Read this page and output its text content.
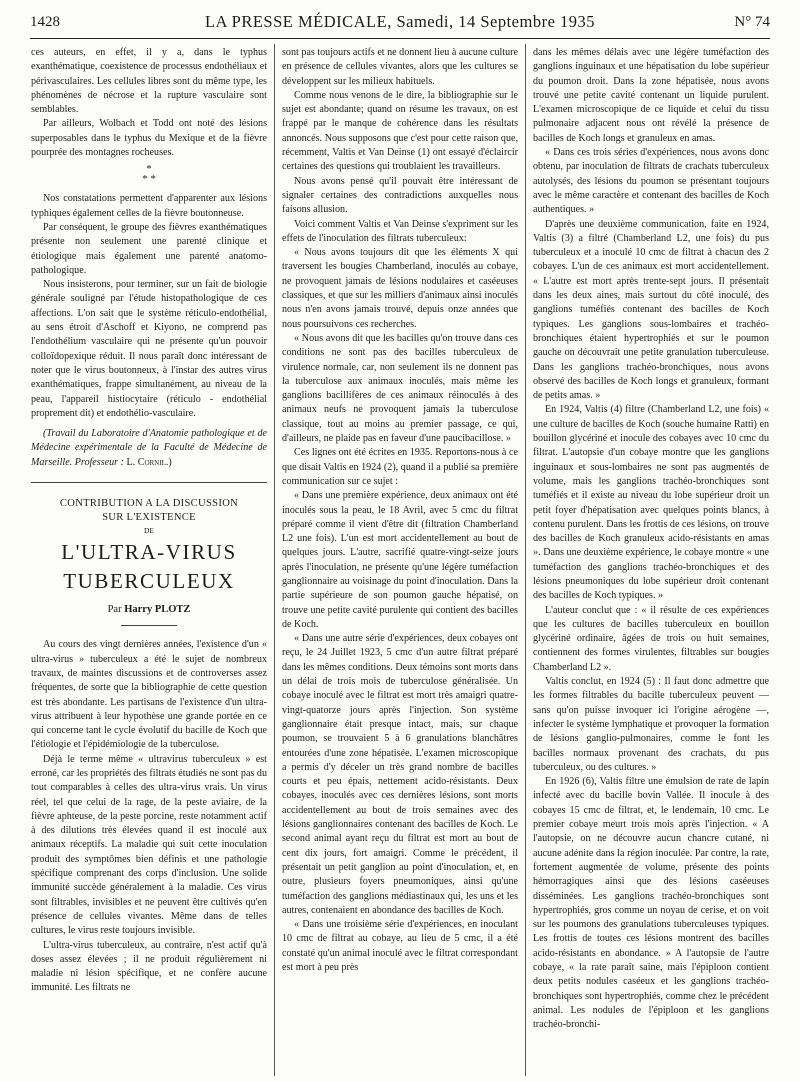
1428	LA PRESSE MÉDICALE, Samedi, 14 Septembre 1935	N° 74

ces auteurs, en effet, il y a, dans le typhus exanthématique, coexistence de processus endothéliaux et périvasculaires. Les cellules libres sont du même type, les phénomènes de nécrose et la rupture vasculaire sont semblables.

Par ailleurs, Wolbach et Todd ont noté des lésions superposables dans le typhus du Mexique et de la fièvre pourprée des montagnes rocheuses.

*
* *

Nos constatations permettent d'apparenter aux lésions typhiques également celles de la fièvre boutonneuse.

Par conséquent, le groupe des fièvres exanthématiques présente non seulement une parenté clinique et étiologique mais également une parenté anatomo-pathologique.

Nous insisterons, pour terminer, sur un fait de biologie générale souligné par l'étude histopathologique de ces affections. L'on sait que le système réticulo-endothélial, au sens étroit d'Aschoff et Kiyono, ne comprend pas l'endothélium vasculaire qui ne présente qu'un pouvoir colloïdopexique réduit. Il nous paraît donc intéressant de noter que le virus boutonneux, à l'instar des autres virus exanthématiques, frappe simultanément, au niveau de la peau, l'appareil histiocytaire (réticulo - endothélial proprement dit) et endothélio-vasculaire.

(Travail du Laboratoire d'Anatomie pathologique et de Médecine expérimentale de la Faculté de Médecine de Marseille. Professeur : L. Cornil.)

CONTRIBUTION A LA DISCUSSION
SUR L'EXISTENCE
DE
L'ULTRA-VIRUS
TUBERCULEUX
Par Harry PLOTZ

Au cours des vingt dernières années, l'existence d'un « ultra-virus » tuberculeux a été le sujet de nombreux travaux, de maintes discussions et de controverses assez fréquentes, de sorte que la bibliographie de cette question est très abondante. Les partisans de l'existence d'un ultra-virus attribuent à leur hypothèse une grande portée en ce qui concerne tant le cycle évolutif du bacille de Koch que l'étiologie et l'épidémiologie de la tuberculose.

Déjà le terme même « ultravirus tuberculeux » est erroné, car les propriétés des filtrats étudiés ne sont pas du tout comparables à celles des ultra-virus vrais. Un virus réel, tel que celui de la rage, de la peste aviaire, de la fièvre aphteuse, de la peste porcine, reste notamment actif à des dilutions très élevées quand il est inoculé aux animaux réceptifs. La maladie qui suit cette inoculation produit des symptômes bien définis et une pathologie spécifique comprenant des corps d'inclusion. Une solide immunité succède généralement à la maladie. Ces virus sont filtrables, invisibles et ne peuvent être cultivés qu'en présence de cellules vivantes. Même dans de telles cultures, le virus reste toujours invisible.

L'ultra-virus tuberculeux, au contraire, n'est actif qu'à doses assez élevées ; il ne produit régulièrement ni maladie ni lésion spécifique, et ne confère aucune immunité. Les filtrats ne

sont pas toujours actifs et ne donnent lieu à aucune culture en présence de cellules vivantes, alors que les cultures se développent sur les milieux habituels.

Comme nous venons de le dire, la bibliographie sur le sujet est abondante; quand on résume les travaux, on est frappé par le manque de cohérence dans les résultats annoncés. Nous supposons que c'est pour cette raison que, récemment, Valtis et Van Deinse (1) ont essayé d'éclaircir certaines des questions qui troublaient les travailleurs.

Nous avons pensé qu'il pouvait être intéressant de signaler certaines des contradictions auxquelles nous faisons allusion.

Voici comment Valtis et Van Deinse s'expriment sur les effets de l'inoculation des filtrats tuberculeux:

« Nous avons toujours dit que les éléments X qui traversent les bougies Chamberland, inoculés au cobaye, ne provoquent jamais de lésions nodulaires et caséeuses classiques, et que sur les milliers d'animaux ainsi inoculés nous n'en avons jamais trouvé, depuis onze années que nous poursuivons ces recherches.

« Nous avons dit que les bacilles qu'on trouve dans ces conditions ne sont pas des bacilles tuberculeux de virulence normale, car, non seulement ils ne donnent pas la tuberculose aux animaux inoculés, mais même les ganglions bacillifères de ces animaux réinoculés à des animaux neufs ne provoquent jamais la tuberculose classique, tout au moins au premier passage, ce qui, d'ailleurs, ne plaide pas en faveur d'une paucibacillose. »

Ces lignes ont été écrites en 1935. Reportons-nous à ce que disait Valtis en 1924 (2), quand il a publié sa première communication sur ce sujet :

« Dans une première expérience, deux animaux ont été inoculés sous la peau, le 18 Avril, avec 5 cmc du filtrat préparé comme il vient d'être dit (filtration Chamberland L2 une fois). L'un est mort accidentellement au bout de quelques jours. L'autre, sacrifié quatre-vingt-seize jours après l'inoculation, ne présente qu'une légère tuméfaction ganglionnaire au voisinage du point d'inoculation. Dans la partie supérieure de son poumon gauche hépatisé, on trouve une petite cavité purulente qui contient des bacilles de Koch.

« Dans une autre série d'expériences, deux cobayes ont reçu, le 24 Juillet 1923, 5 cmc d'un autre filtrat préparé dans les mêmes conditions. Deux témoins sont morts dans un délai de trois mois de tuberculose généralisée. Un cobaye inoculé avec le filtrat est mort très amaigri quatre-vingt-quatorze jours après l'injection. Son système ganglionnaire était presque intact, mais, sur chaque poumon, se trouvaient 5 à 6 granulations blanchâtres entourées d'une zone hépatisée. L'examen microscopique a permis d'y déceler un très grand nombre de bacilles courts et peu épais, nettement acido-résistants. Deux cobayes, inoculés avec ces dernières lésions, sont morts accidentellement au bout de trois semaines avec des lésions ganglionnaires contenant des bacilles de Koch. Le second animal ayant reçu du filtrat est mort au bout de cent dix jours, fort amaigri. Comme le précédent, il présentait un petit ganglion au point d'inoculation, et, en outre, plusieurs foyers pneumoniques, ainsi qu'une tuméfaction des ganglions médiastinaux qui, les uns et les autres, contenaient en abondance des bacilles de Koch.

« Dans une troisième série d'expériences, en inoculant 10 cmc de filtrat au cobaye, au lieu de 5 cmc, il a été constaté qu'un animal inoculé avec le filtrat correspondant est mort à peu près

dans les mêmes délais avec une légère tuméfaction des ganglions inguinaux et une hépatisation du lobe supérieur du poumon droit. Dans la zone hépatisée, nous avons trouvé une petite cavité contenant un liquide purulent. L'examen microscopique de ce liquide et celui du tissu pulmonaire adjacent nous ont révélé la présence de bacilles de Koch longs et granuleux en amas.

« Dans ces trois séries d'expériences, nous avons donc obtenu, par inoculation de filtrats de crachats tuberculeux autolysés, des lésions du poumon se présentant toujours avec le même caractère et contenant des bacilles de Koch authentiques. »

D'après une deuxième communication, faite en 1924, Valtis (3) a filtré (Chamberland L2, une fois) du pus tuberculeux et a inoculé 10 cmc de filtrat à chacun des 2 cobayes. L'un de ces animaux est mort accidentellement. « L'autre est mort après trente-sept jours. Il présentait dans les deux aines, mais surtout du côté inoculé, des ganglions tuméfiés contenant des bacilles de Koch typiques. Les ganglions sous-lombaires et trachéo-bronchiques étaient hypertrophiés et sur le poumon gauche on découvrait une petite granulation tuberculeuse. Dans les ganglions trachéo-bronchiques, nous avons observé des bacilles de Koch longs et granuleux, formant de petits amas. »

En 1924, Valtis (4) filtre (Chamberland L2, une fois) « une culture de bacilles de Koch (souche humaine Ratti) en bouillon glycériné et inocule des cobayes avec 10 cmc du filtrat. L'autopsie d'un cobaye montre que les ganglions inguinaux et sous-lombaires ne sont pas augmentés de volume, mais les ganglions trachéo-bronchiques sont tuméfiés et il existe au niveau du lobe supérieur droit un petit foyer d'hépatisation avec quelques points blancs, à contenu purulent. Dans les frottis de ces lésions, on trouve des bacilles de Koch granuleux acido-résistants en amas ». Dans une deuxième expérience, le cobaye montre « une tuméfaction des ganglions trachéo-bronchiques et des lésions pneumoniques du lobe supérieur droit contenant des bacilles de Koch typiques. »

L'auteur conclut que : « il résulte de ces expériences que les cultures de bacilles tuberculeux en bouillon glycériné ordinaire, âgées de trois ou huit semaines, contiennent des formes virulentes, filtrables sur bougies Chamberland L2 ».

Valtis conclut, en 1924 (5) : Il faut donc admettre que les formes filtrables du bacille tuberculeux peuvent — sans qu'on puisse invoquer ici l'origine aérogène —, infecter le système lymphatique et provoquer la formation de lésions ganglio-pulmonaires, comme le font les bacilles normaux provenant des crachats, du pus tuberculeux, ou des cultures. »

En 1926 (6), Valtis filtre une émulsion de rate de lapin infecté avec du bacille bovin Vallée. Il inocule à des cobayes 15 cmc de filtrat, et, le lendemain, 10 cmc. Le premier cobaye meurt trois mois après l'injection. « A l'autopsie, on ne découvre aucun chancre cutané, ni aucune adénite dans la région inoculée. Par contre, la rate, fortement augmentée de volume, présente des points hémorragiques ainsi que des lésions caséeuses disséminées. Les ganglions trachéo-bronchiques sont hypertrophiés, gros comme un noyau de cerise, et on voit sur les poumons des granulations tuberculeuses typiques. Les frottis de toutes ces lésions montrent des bacilles acido-résistants en abondance. » A l'autopsie de l'autre cobaye, « la rate paraît saine, mais l'épiploon contient deux petits nodules caséeux et les ganglions trachéo-bronchiques sont hypertrophiés, comme chez le précédent animal. Les nodules de l'épiploon et les ganglions trachéo-bronchi-
